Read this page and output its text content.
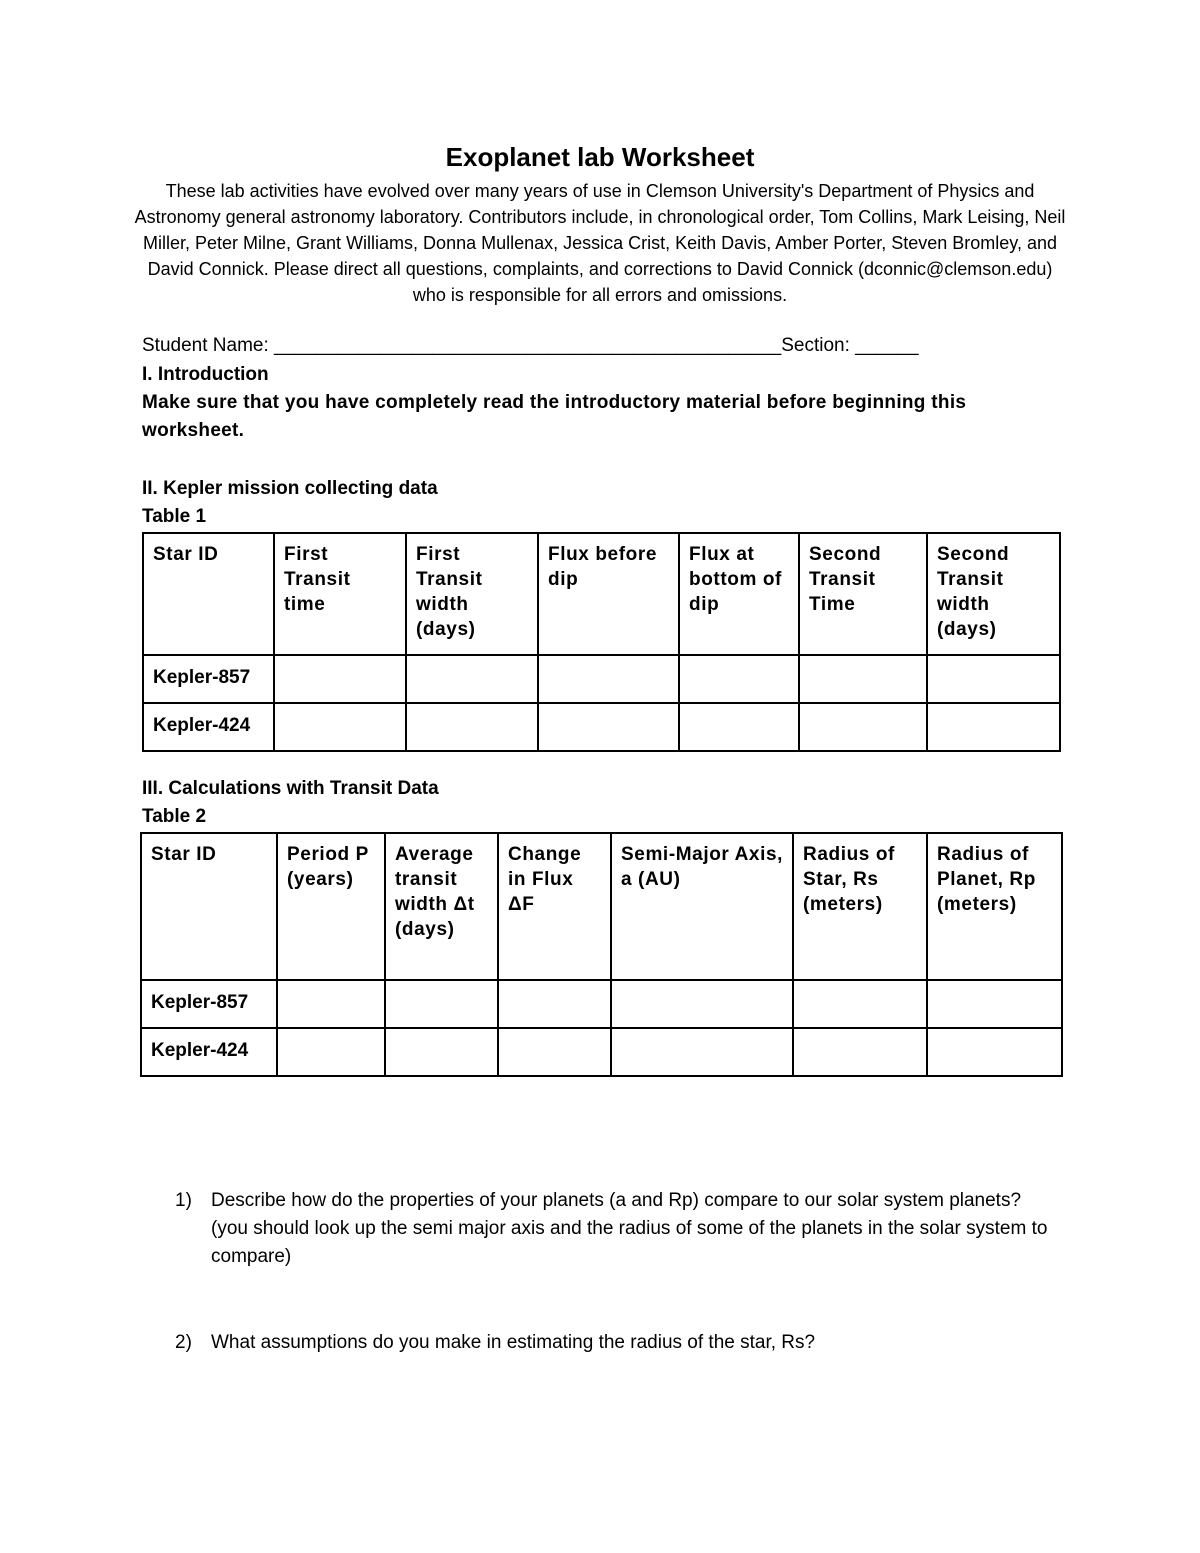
Exoplanet lab Worksheet
These lab activities have evolved over many years of use in Clemson University's Department of Physics and Astronomy general astronomy laboratory. Contributors include, in chronological order, Tom Collins, Mark Leising, Neil Miller, Peter Milne, Grant Williams, Donna Mullenax, Jessica Crist, Keith Davis, Amber Porter, Steven Bromley, and David Connick. Please direct all questions, complaints, and corrections to David Connick (dconnic@clemson.edu) who is responsible for all errors and omissions.
Student Name: ________________________________________________Section: ______
I. Introduction
Make sure that you have completely read the introductory material before beginning this worksheet.
II. Kepler mission collecting data
Table 1
Star ID	First Transit time	First Transit width (days)	Flux before dip	Flux at bottom of dip	Second Transit Time	Second Transit width (days)
Kepler-857						
Kepler-424						
III. Calculations with Transit Data
Table 2
Star ID	Period P (years)	Average transit width Δt (days)	Change in Flux ΔF	Semi-Major Axis, a (AU)	Radius of Star, Rs (meters)	Radius of Planet, Rp (meters)
Kepler-857						
Kepler-424						
1) Describe how do the properties of your planets (a and Rp) compare to our solar system planets? (you should look up the semi major axis and the radius of some of the planets in the solar system to compare)
2) What assumptions do you make in estimating the radius of the star, Rs?
